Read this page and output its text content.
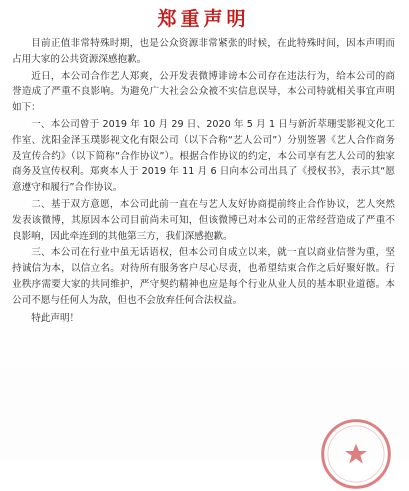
郑重声明

目前正值非常特殊时期，也是公众资源非常紧张的时候，在此特殊时间，因本声明而占用大家的公共资源深感抱歉。

近日，本公司合作艺人郑爽，公开发表微博诽谤本公司存在违法行为，给本公司的商誉造成了严重不良影响。为避免广大社会公众被不实信息误导，本公司特就相关事宜声明如下：

一、本公司曾于 2019 年 10 月 29 日、2020 年 5 月 1 日与新沂萃珊雯影视文化工作室、沈阳金泽玉璞影视文化有限公司（以下合称“艺人公司”）分别签署《艺人合作商务及宣传合约》（以下简称“合作协议”）。根据合作协议的约定，本公司享有艺人公司的独家商务及宣传权利。郑爽本人于 2019 年 11 月 6 日向本公司出具了《授权书》，表示其“愿意遵守和履行”合作协议。

二、基于双方意愿，本公司此前一直在与艺人友好协商提前终止合作协议，艺人突然发表该微博，其原因本公司目前尚未可知，但该微博已对本公司的正常经营造成了严重不良影响，因此牵连到的其他第三方，我们深感抱歉。

三、本公司在行业中虽无话语权，但本公司自成立以来，就一直以商业信誉为重，坚持诚信为本，以信立名。对待所有服务客户尽心尽责，也希望结束合作之后好聚好散。行业秩序需要大家的共同维护，严守契约精神也应是每个行业从业人员的基本职业道德。本公司不愿与任何人为敌，但也不会放弃任何合法权益。

特此声明！
